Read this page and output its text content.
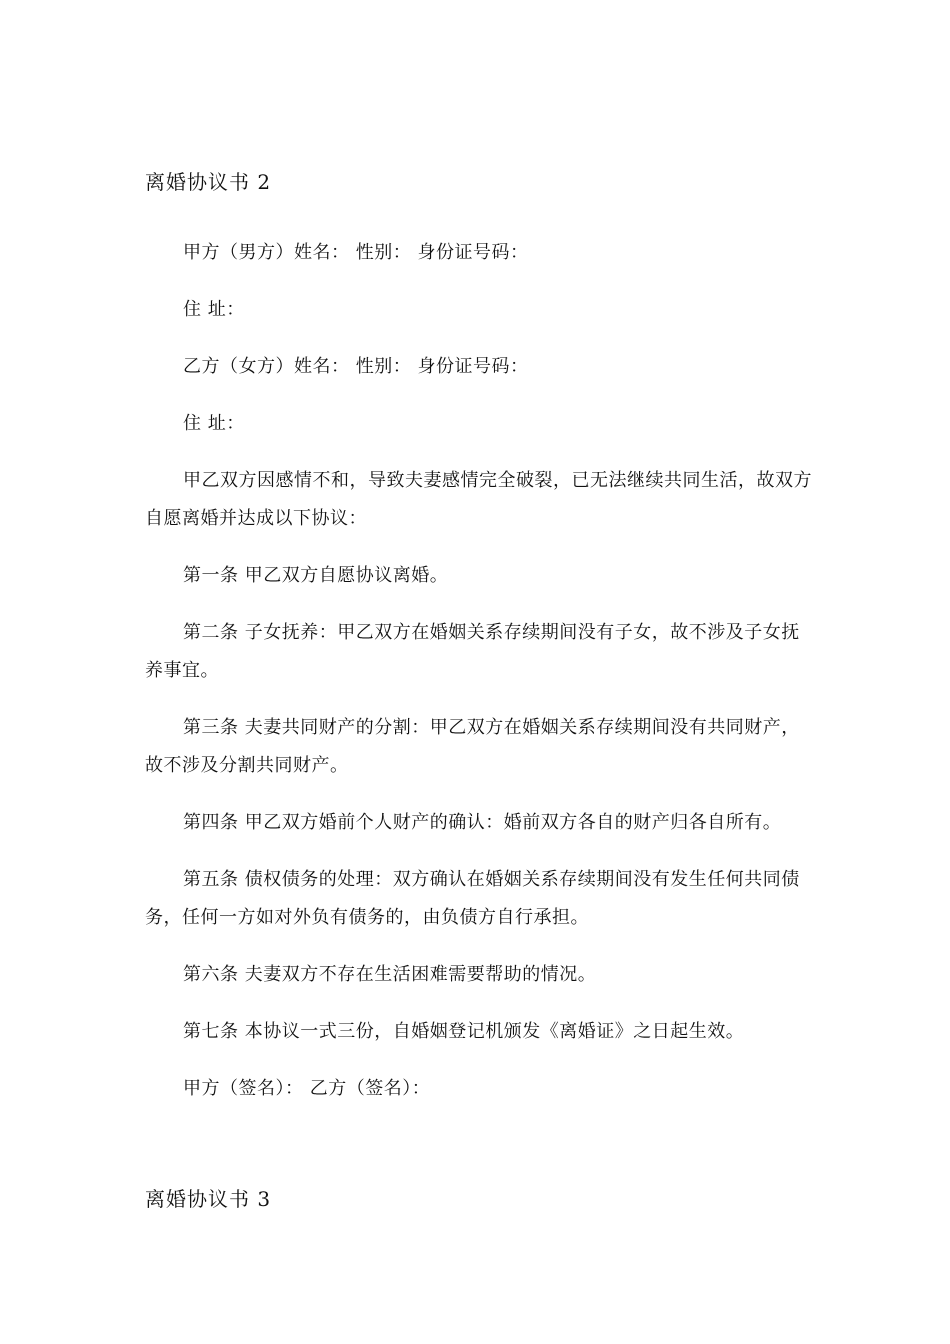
离婚协议书 2
甲方（男方）姓名： 性别： 身份证号码：
住 址：
乙方（女方）姓名： 性别： 身份证号码：
住 址：
甲乙双方因感情不和，导致夫妻感情完全破裂，已无法继续共同生活，故双方自愿离婚并达成以下协议：
第一条 甲乙双方自愿协议离婚。
第二条 子女抚养：甲乙双方在婚姻关系存续期间没有子女，故不涉及子女抚养事宜。
第三条 夫妻共同财产的分割：甲乙双方在婚姻关系存续期间没有共同财产，故不涉及分割共同财产。
第四条 甲乙双方婚前个人财产的确认：婚前双方各自的财产归各自所有。
第五条 债权债务的处理：双方确认在婚姻关系存续期间没有发生任何共同债务，任何一方如对外负有债务的，由负债方自行承担。
第六条 夫妻双方不存在生活困难需要帮助的情况。
第七条 本协议一式三份，自婚姻登记机颁发《离婚证》之日起生效。
甲方（签名）： 乙方（签名）：
离婚协议书 3
